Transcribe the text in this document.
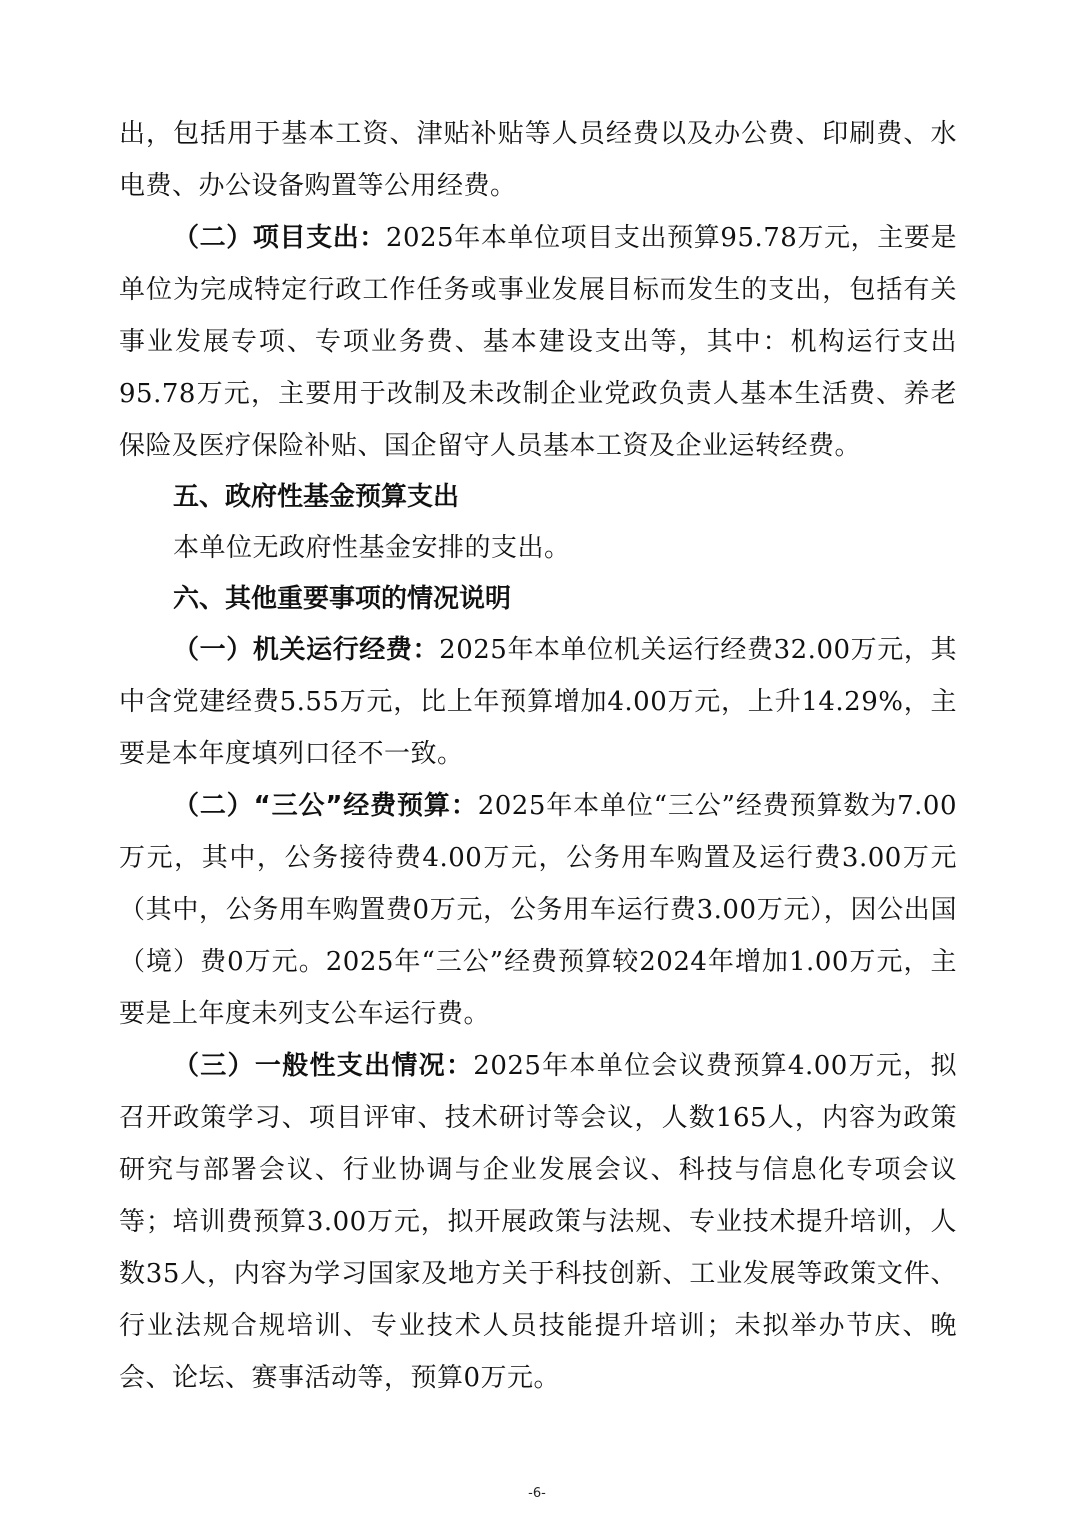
出，包括用于基本工资、津贴补贴等人员经费以及办公费、印刷费、水电费、办公设备购置等公用经费。

（二）项目支出：2025年本单位项目支出预算95.78万元，主要是单位为完成特定行政工作任务或事业发展目标而发生的支出，包括有关事业发展专项、专项业务费、基本建设支出等，其中：机构运行支出95.78万元，主要用于改制及未改制企业党政负责人基本生活费、养老保险及医疗保险补贴、国企留守人员基本工资及企业运转经费。

五、政府性基金预算支出

本单位无政府性基金安排的支出。

六、其他重要事项的情况说明

（一）机关运行经费：2025年本单位机关运行经费32.00万元，其中含党建经费5.55万元，比上年预算增加4.00万元，上升14.29%，主要是本年度填列口径不一致。

（二）“三公”经费预算：2025年本单位“三公”经费预算数为7.00万元，其中，公务接待费4.00万元，公务用车购置及运行费3.00万元（其中，公务用车购置费0万元，公务用车运行费3.00万元），因公出国（境）费0万元。2025年“三公”经费预算较2024年增加1.00万元，主要是上年度未列支公车运行费。

（三）一般性支出情况：2025年本单位会议费预算4.00万元，拟召开政策学习、项目评审、技术研讨等会议，人数165人，内容为政策研究与部署会议、行业协调与企业发展会议、科技与信息化专项会议等；培训费预算3.00万元，拟开展政策与法规、专业技术提升培训，人数35人，内容为学习国家及地方关于科技创新、工业发展等政策文件、行业法规合规培训、专业技术人员技能提升培训；未拟举办节庆、晚会、论坛、赛事活动等，预算0万元。

-6-
